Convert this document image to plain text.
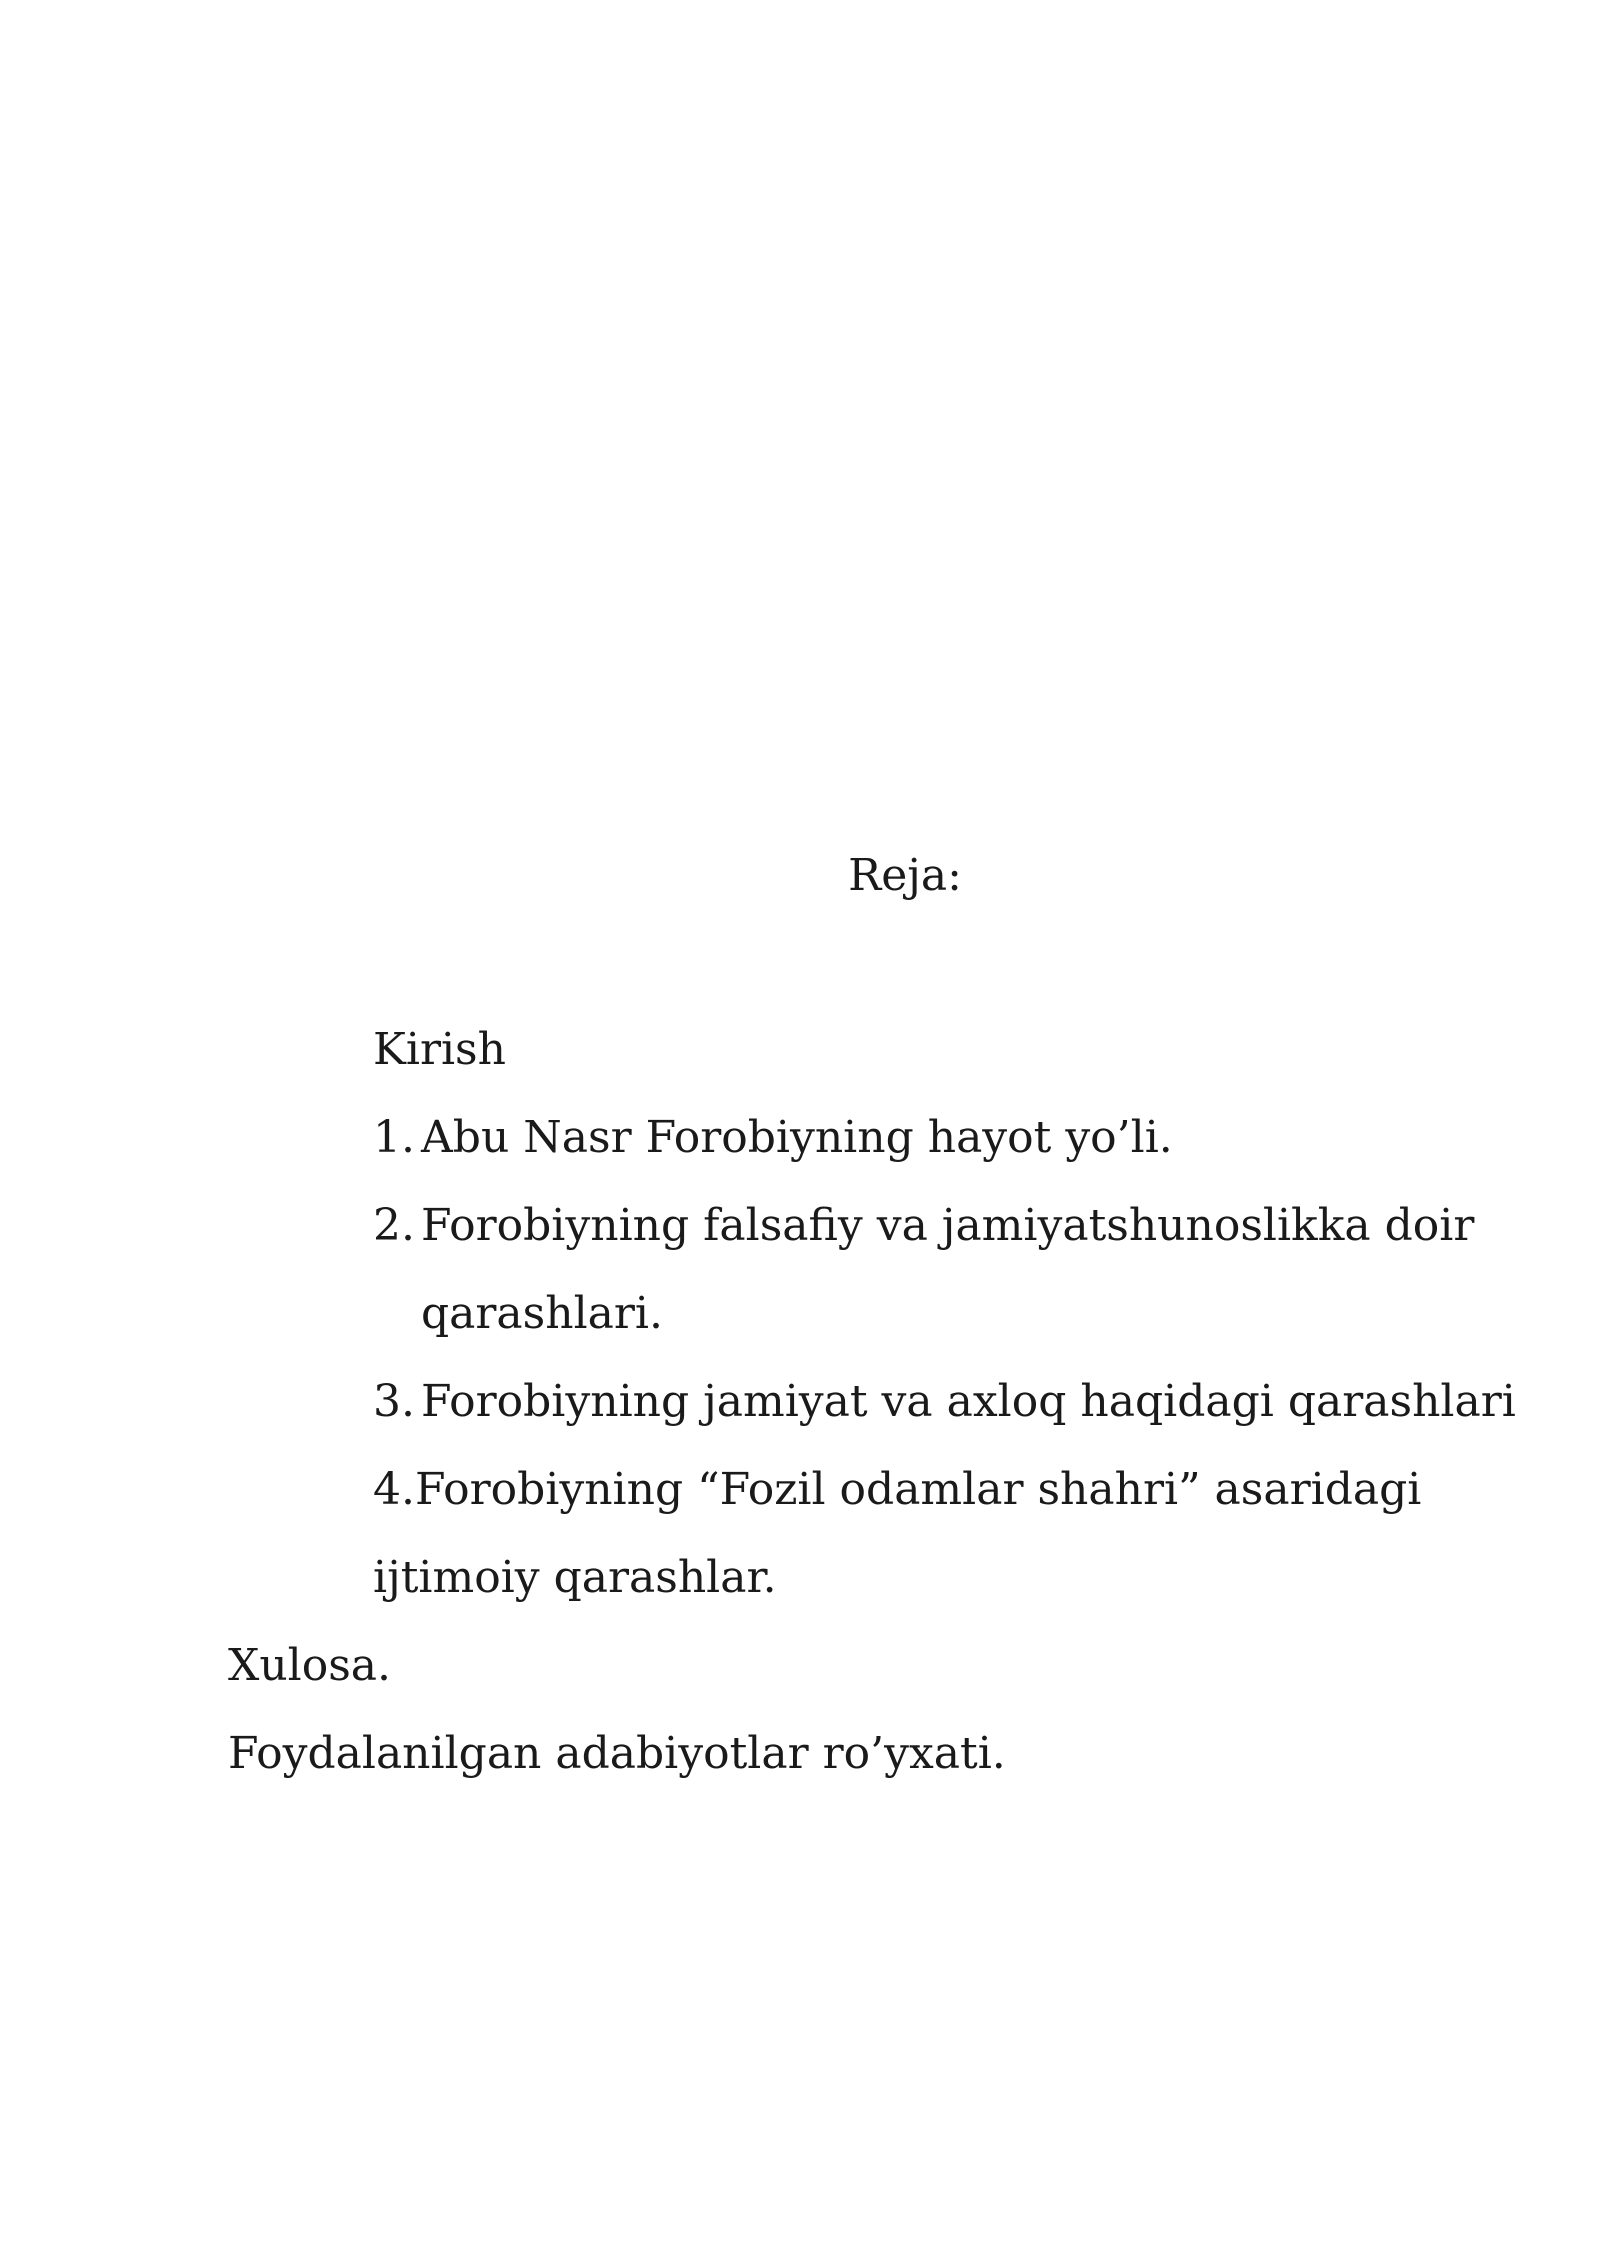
Reja:
Kirish
1. Abu Nasr Forobiyning hayot yo’li.
2. Forobiyning falsafiy va jamiyatshunoslikka doir
qarashlari.
3. Forobiyning jamiyat va axloq haqidagi qarashlari
4.Forobiyning “Fozil odamlar shahri” asaridagi
ijtimoiy qarashlar.
Xulosa.
Foydalanilgan adabiyotlar ro’yxati.
